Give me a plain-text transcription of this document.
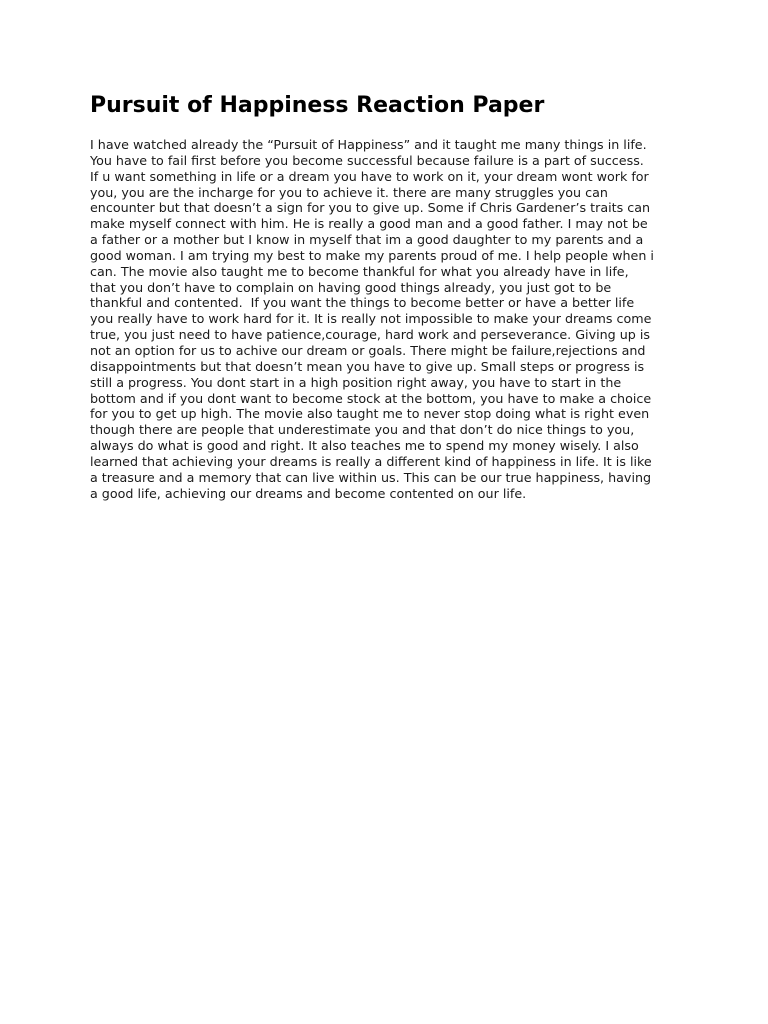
Pursuit of Happiness Reaction Paper
I have watched already the “Pursuit of Happiness” and it taught me many things in life.
You have to fail first before you become successful because failure is a part of success.
If u want something in life or a dream you have to work on it, your dream wont work for
you, you are the incharge for you to achieve it. there are many struggles you can
encounter but that doesn’t a sign for you to give up. Some if Chris Gardener’s traits can
make myself connect with him. He is really a good man and a good father. I may not be
a father or a mother but I know in myself that im a good daughter to my parents and a
good woman. I am trying my best to make my parents proud of me. I help people when i
can. The movie also taught me to become thankful for what you already have in life,
that you don’t have to complain on having good things already, you just got to be
thankful and contented.  If you want the things to become better or have a better life
you really have to work hard for it. It is really not impossible to make your dreams come
true, you just need to have patience,courage, hard work and perseverance. Giving up is
not an option for us to achive our dream or goals. There might be failure,rejections and
disappointments but that doesn’t mean you have to give up. Small steps or progress is
still a progress. You dont start in a high position right away, you have to start in the
bottom and if you dont want to become stock at the bottom, you have to make a choice
for you to get up high. The movie also taught me to never stop doing what is right even
though there are people that underestimate you and that don’t do nice things to you,
always do what is good and right. It also teaches me to spend my money wisely. I also
learned that achieving your dreams is really a different kind of happiness in life. It is like
a treasure and a memory that can live within us. This can be our true happiness, having
a good life, achieving our dreams and become contented on our life.
